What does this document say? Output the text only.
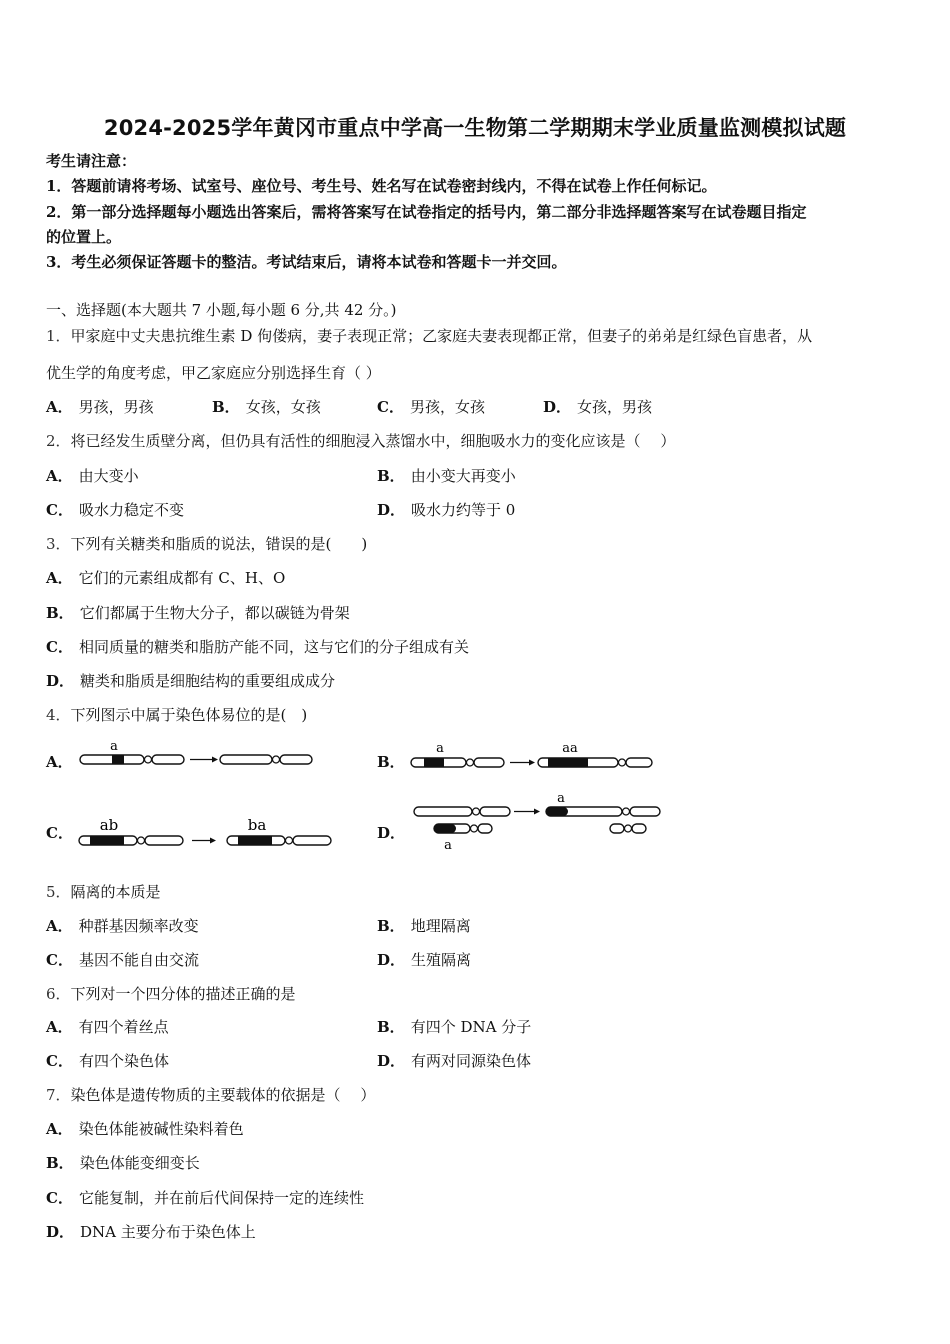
2024-2025学年黄冈市重点中学高一生物第二学期期末学业质量监测模拟试题
考生请注意：
1．答题前请将考场、试室号、座位号、考生号、姓名写在试卷密封线内，不得在试卷上作任何标记。
2．第一部分选择题每小题选出答案后，需将答案写在试卷指定的括号内，第二部分非选择题答案写在试卷题目指定
的位置上。
3．考生必须保证答题卡的整洁。考试结束后，请将本试卷和答题卡一并交回。
一、选择题(本大题共 7 小题,每小题 6 分,共 42 分。)
1．甲家庭中丈夫患抗维生素 D 佝偻病，妻子表现正常；乙家庭夫妻表现都正常，但妻子的弟弟是红绿色盲患者，从
优生学的角度考虑，甲乙家庭应分别选择生育（ ）
A． 男孩，男孩	B． 女孩，女孩	C． 男孩，女孩	D． 女孩，男孩
2．将已经发生质壁分离，但仍具有活性的细胞浸入蒸馏水中，细胞吸水力的变化应该是（　 ）
A． 由大变小	B． 由小变大再变小
C． 吸水力稳定不变	D． 吸水力约等于 0
3．下列有关糖类和脂质的说法，错误的是(　　)
A． 它们的元素组成都有 C、H、O
B． 它们都属于生物大分子，都以碳链为骨架
C． 相同质量的糖类和脂肪产能不同，这与它们的分子组成有关
D． 糖类和脂质是细胞结构的重要组成成分
4．下列图示中属于染色体易位的是(　)
A．
a
B．
a	aa
C．	ab	ba	D．
a
a
5．隔离的本质是
A． 种群基因频率改变	B． 地理隔离
C． 基因不能自由交流	D． 生殖隔离
6．下列对一个四分体的描述正确的是
A． 有四个着丝点	B． 有四个 DNA 分子
C． 有四个染色体	D． 有两对同源染色体
7．染色体是遗传物质的主要载体的依据是（　 ）
A． 染色体能被碱性染料着色
B． 染色体能变细变长
C． 它能复制，并在前后代间保持一定的连续性
D． DNA 主要分布于染色体上
